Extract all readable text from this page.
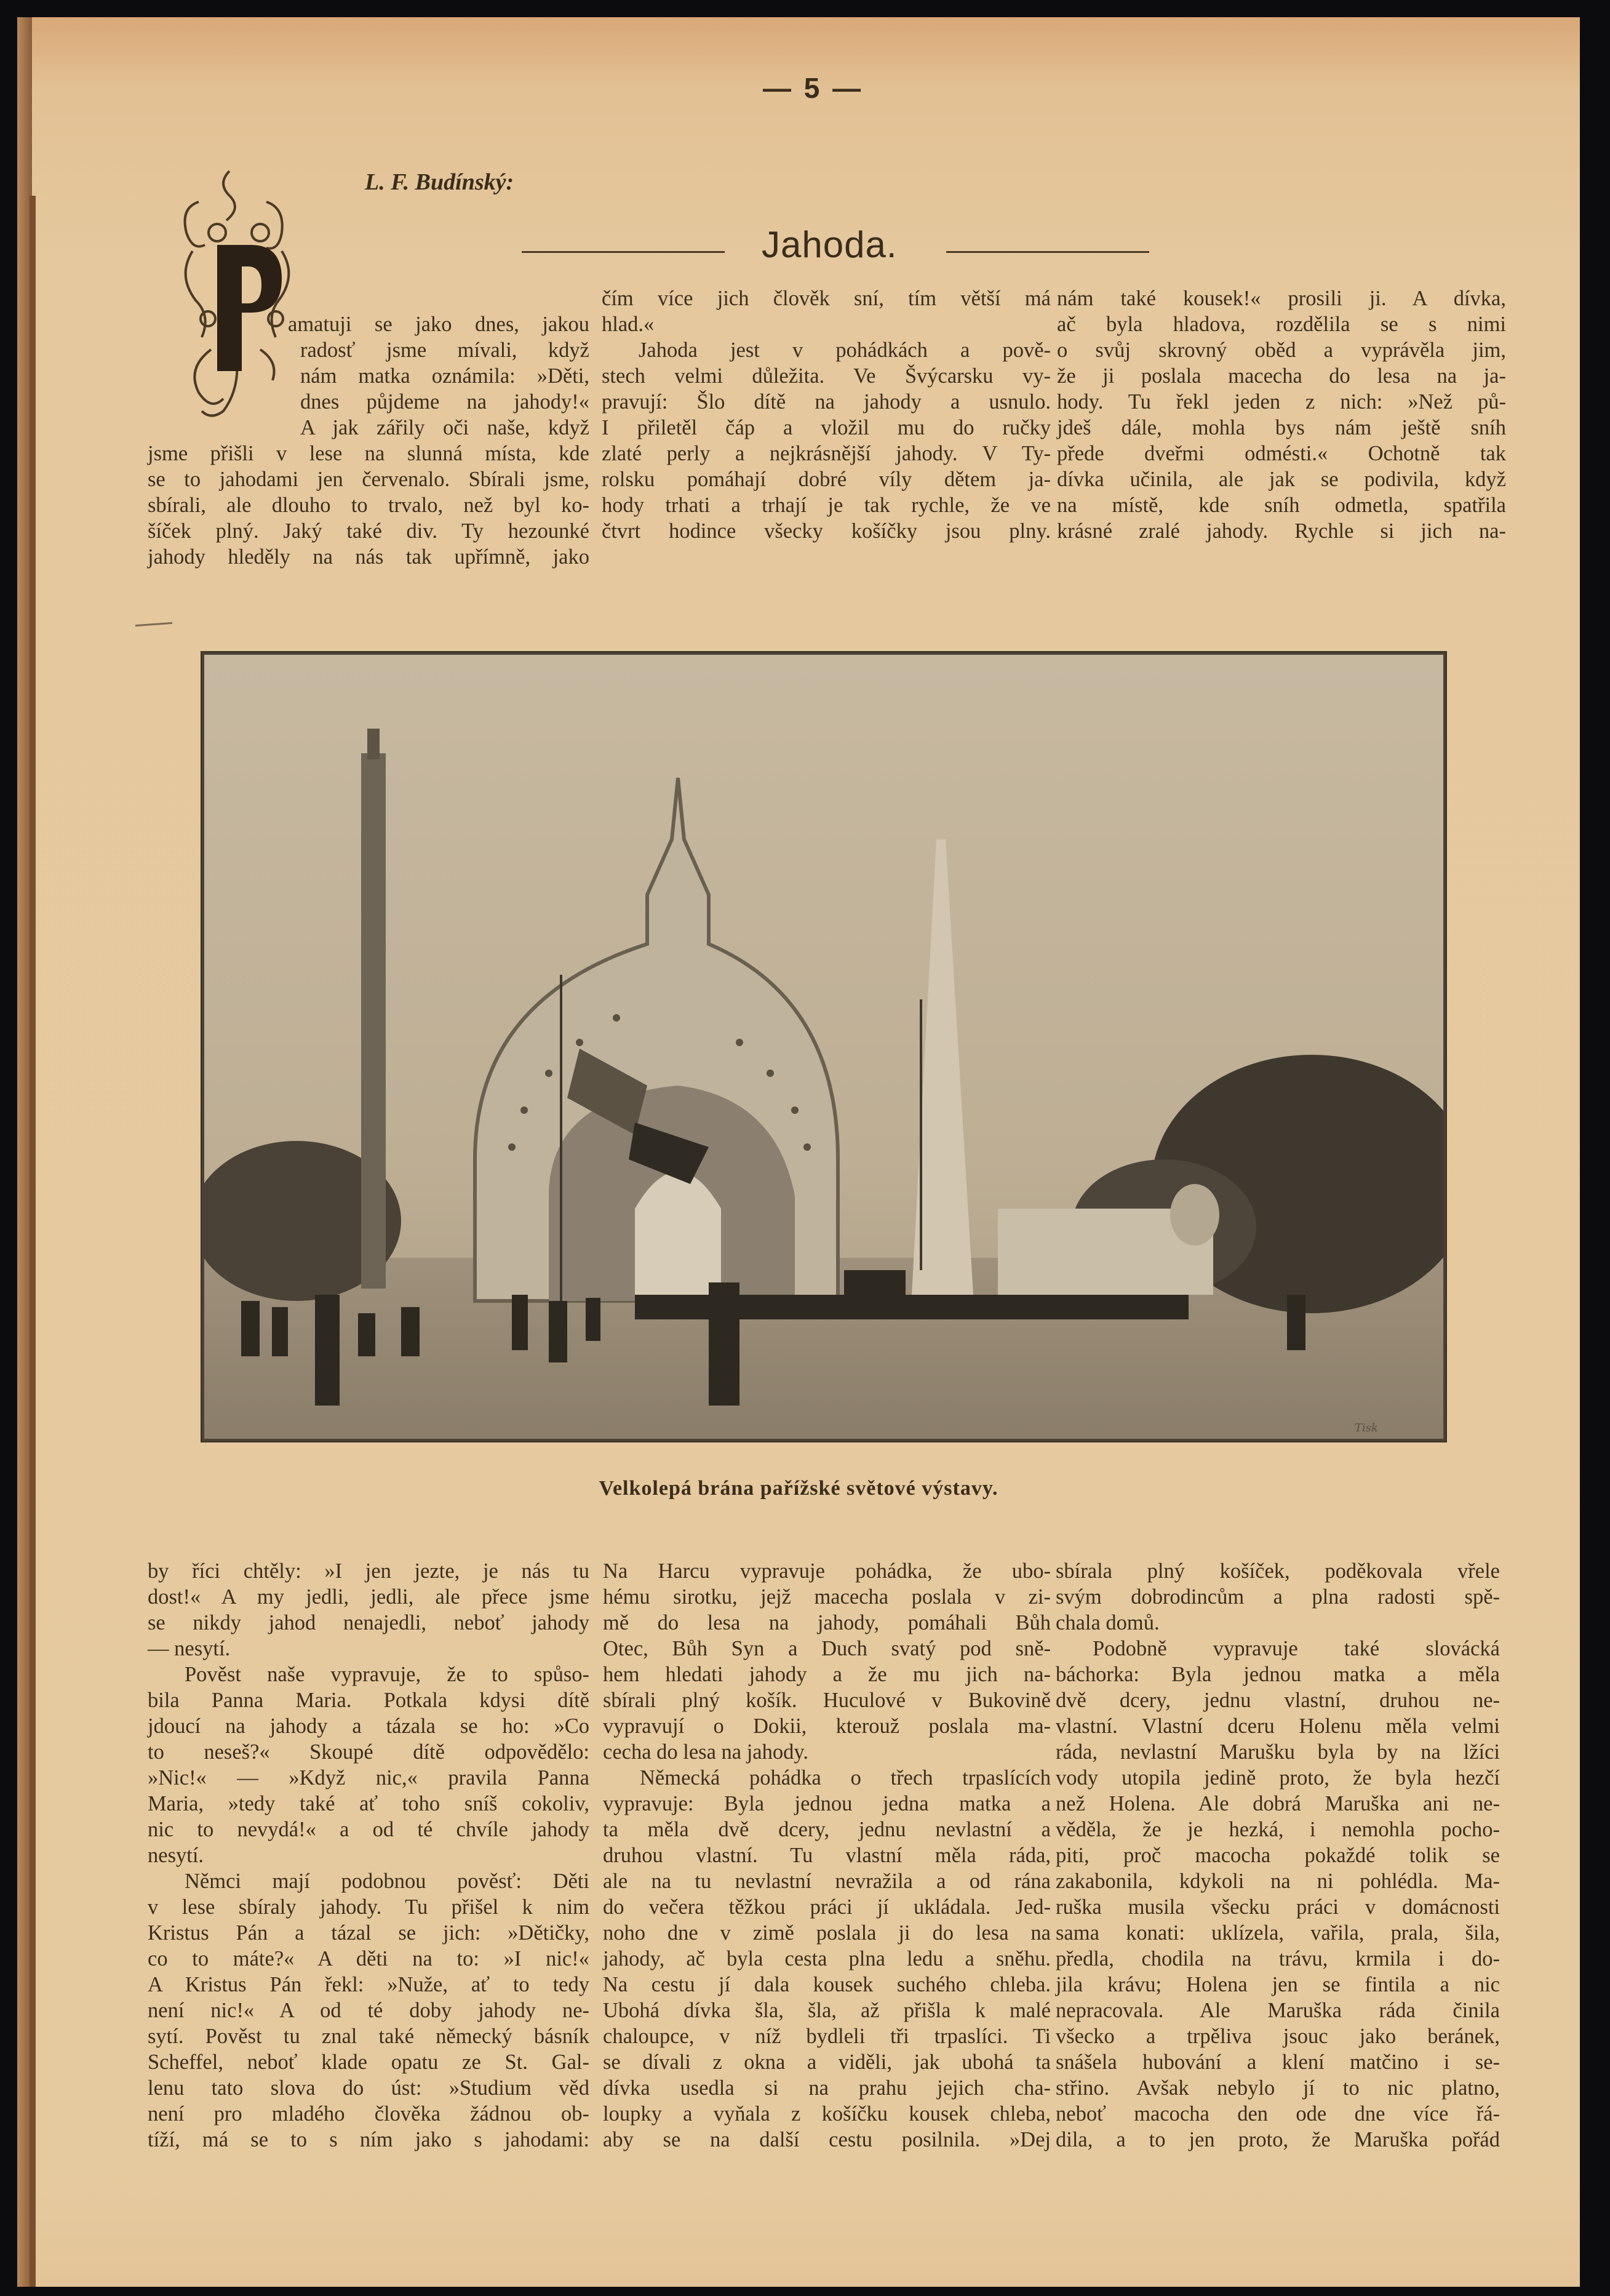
— 5 —
L. F. Budínský:
Jahoda.
P
amatuji se jako dnes, jakou
radosť jsme mívali, když
nám matka oznámila: »Děti,
dnes půjdeme na jahody!«
A jak zářily oči naše, když
jsme přišli v lese na slunná místa, kde
se to jahodami jen červenalo. Sbírali jsme,
sbírali, ale dlouho to trvalo, než byl ko-
šíček plný. Jaký také div. Ty hezounké
jahody hleděly na nás tak upřímně, jako
čím více jich člověk sní, tím větší má
hlad.«
Jahoda jest v pohádkách a pově-
stech velmi důležita. Ve Švýcarsku vy-
pravují: Šlo dítě na jahody a usnulo.
I přiletěl čáp a vložil mu do ručky
zlaté perly a nejkrásnější jahody. V Ty-
rolsku pomáhají dobré víly dětem ja-
hody trhati a trhají je tak rychle, že ve
čtvrt hodince všecky košíčky jsou plny.
nám také kousek!« prosili ji. A dívka,
ač byla hladova, rozdělila se s nimi
o svůj skrovný oběd a vyprávěla jim,
že ji poslala macecha do lesa na ja-
hody. Tu řekl jeden z nich: »Než pů-
jdeš dále, mohla bys nám ještě sníh
přede dveřmi odmésti.« Ochotně tak
dívka učinila, ale jak se podivila, když
na místě, kde sníh odmetla, spatřila
krásné zralé jahody. Rychle si jich na-
Tisk
Velkolepá brána pařížské světové výstavy.
by říci chtěly: »I jen jezte, je nás tu
dost!« A my jedli, jedli, ale přece jsme
se nikdy jahod nenajedli, neboť jahody
— nesytí.
Pověst naše vypravuje, že to spůso-
bila Panna Maria. Potkala kdysi dítě
jdoucí na jahody a tázala se ho: »Co
to neseš?« Skoupé dítě odpovědělo:
»Nic!« — »Když nic,« pravila Panna
Maria, »tedy také ať toho sníš cokoliv,
nic to nevydá!« a od té chvíle jahody
nesytí.
Němci mají podobnou pověsť: Děti
v lese sbíraly jahody. Tu přišel k nim
Kristus Pán a tázal se jich: »Dětičky,
co to máte?« A děti na to: »I nic!«
A Kristus Pán řekl: »Nuže, ať to tedy
není nic!« A od té doby jahody ne-
sytí. Pověst tu znal také německý básník
Scheffel, neboť klade opatu ze St. Gal-
lenu tato slova do úst: »Studium věd
není pro mladého člověka žádnou ob-
tíží, má se to s ním jako s jahodami:
Na Harcu vypravuje pohádka, že ubo-
hému sirotku, jejž macecha poslala v zi-
mě do lesa na jahody, pomáhali Bůh
Otec, Bůh Syn a Duch svatý pod sně-
hem hledati jahody a že mu jich na-
sbírali plný košík. Huculové v Bukovině
vypravují o Dokii, kterouž poslala ma-
cecha do lesa na jahody.
Německá pohádka o třech trpaslících
vypravuje: Byla jednou jedna matka a
ta měla dvě dcery, jednu nevlastní a
druhou vlastní. Tu vlastní měla ráda,
ale na tu nevlastní nevražila a od rána
do večera těžkou práci jí ukládala. Jed-
noho dne v zimě poslala ji do lesa na
jahody, ač byla cesta plna ledu a sněhu.
Na cestu jí dala kousek suchého chleba.
Ubohá dívka šla, šla, až přišla k malé
chaloupce, v níž bydleli tři trpaslíci. Ti
se dívali z okna a viděli, jak ubohá ta
dívka usedla si na prahu jejich cha-
loupky a vyňala z košíčku kousek chleba,
aby se na další cestu posilnila. »Dej
sbírala plný košíček, poděkovala vřele
svým dobrodincům a plna radosti spě-
chala domů.
Podobně vypravuje také slovácká
báchorka: Byla jednou matka a měla
dvě dcery, jednu vlastní, druhou ne-
vlastní. Vlastní dceru Holenu měla velmi
ráda, nevlastní Marušku byla by na lžíci
vody utopila jedině proto, že byla hezčí
než Holena. Ale dobrá Maruška ani ne-
věděla, že je hezká, i nemohla pocho-
piti, proč macocha pokaždé tolik se
zakabonila, kdykoli na ni pohlédla. Ma-
ruška musila všecku práci v domácnosti
sama konati: uklízela, vařila, prala, šila,
předla, chodila na trávu, krmila i do-
jila krávu; Holena jen se fintila a nic
nepracovala. Ale Maruška ráda činila
všecko a trpěliva jsouc jako beránek,
snášela hubování a klení matčino i se-
střino. Avšak nebylo jí to nic platno,
neboť macocha den ode dne více řá-
dila, a to jen proto, že Maruška pořád
